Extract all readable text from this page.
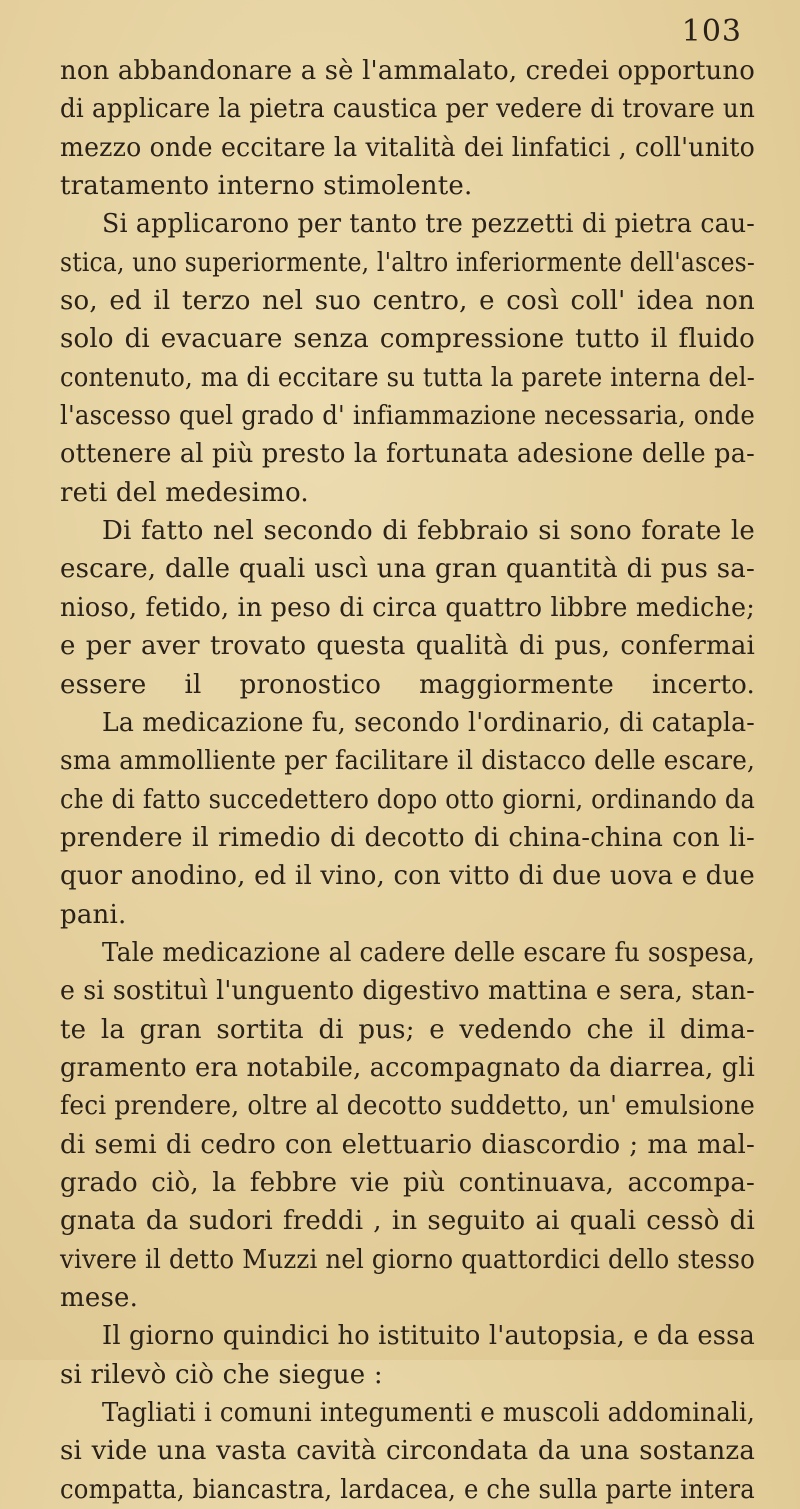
103
non abbandonare a sè l'ammalato, credei opportuno
di applicare la pietra caustica per vedere di trovare un
mezzo onde eccitare la vitalità dei linfatici , coll'unito
tratamento interno stimolente.
Si applicarono per tanto tre pezzetti di pietra cau-
stica, uno superiormente, l'altro inferiormente dell'asces-
so, ed il terzo nel suo centro, e così coll' idea non
solo di evacuare senza compressione tutto il fluido
contenuto, ma di eccitare su tutta la parete interna del-
l'ascesso quel grado d' infiammazione necessaria, onde
ottenere al più presto la fortunata adesione delle pa-
reti del medesimo.
Di fatto nel secondo di febbraio si sono forate le
escare, dalle quali uscì una gran quantità di pus sa-
nioso, fetido, in peso di circa quattro libbre mediche;
e per aver trovato questa qualità di pus, confermai
essere il pronostico maggiormente incerto.
La medicazione fu, secondo l'ordinario, di catapla-
sma ammolliente per facilitare il distacco delle escare,
che di fatto succedettero dopo otto giorni, ordinando da
prendere il rimedio di decotto di china-china con li-
quor anodino, ed il vino, con vitto di due uova e due
pani.
Tale medicazione al cadere delle escare fu sospesa,
e si sostituì l'unguento digestivo mattina e sera, stan-
te la gran sortita di pus; e vedendo che il dima-
gramento era notabile, accompagnato da diarrea, gli
feci prendere, oltre al decotto suddetto, un' emulsione
di semi di cedro con elettuario diascordio ; ma mal-
grado ciò, la febbre vie più continuava, accompa-
gnata da sudori freddi , in seguito ai quali cessò di
vivere il detto Muzzi nel giorno quattordici dello stesso
mese.
Il giorno quindici ho istituito l'autopsia, e da essa
si rilevò ciò che siegue :
Tagliati i comuni integumenti e muscoli addominali,
si vide una vasta cavità circondata da una sostanza
compatta, biancastra, lardacea, e che sulla parte intera
